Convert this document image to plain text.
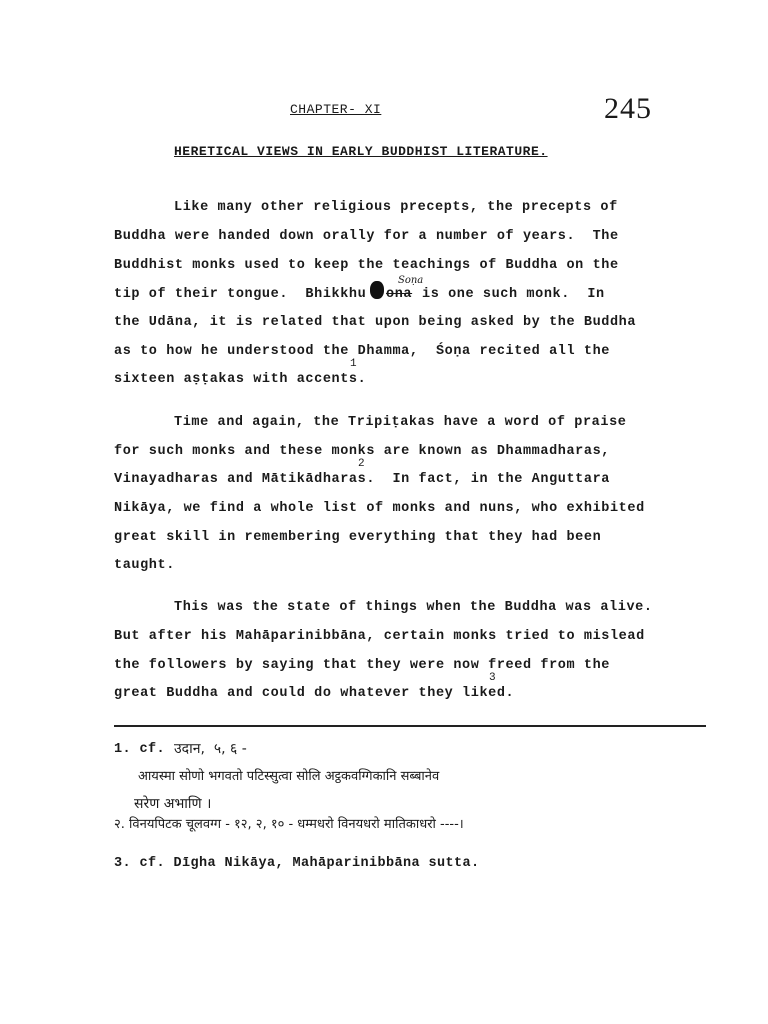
CHAPTER- XI	245
HERETICAL VIEWS IN EARLY BUDDHIST LITERATURE.
Like many other religious precepts, the precepts of
Buddha were handed down orally for a number of years.  The
Buddhist monks used to keep the teachings of Buddha on the
Soṇa
tip of their tongue.  Bhikkhu ona is one such monk.  In
the Udāna, it is related that upon being asked by the Buddha
as to how he understood the Dhamma,  Śoṇa recited all the
1
sixteen aṣṭakas with accents.
Time and again, the Tripiṭakas have a word of praise
for such monks and these monks are known as Dhammadharas,
2
Vinayadharas and Mātikādharas.  In fact, in the Anguttara
Nikāya, we find a whole list of monks and nuns, who exhibited
great skill in remembering everything that they had been
taught.
This was the state of things when the Buddha was alive.
But after his Mahāparinibbāna, certain monks tried to mislead
the followers by saying that they were now freed from the
3
great Buddha and could do whatever they liked.
1. cf. उदान,  ५, ६ -
आयस्मा सोणो भगवतो पटिस्सुत्वा सोलि अट्ठकवग्गिकानि सब्बानेव
सरेण अभाणि ।
२. विनयपिटक चूलवग्ग - १२, २, १० - धम्मधरो विनयधरो मातिकाधरो ----।
3. cf. Dīgha Nikāya, Mahāparinibbāna sutta.
